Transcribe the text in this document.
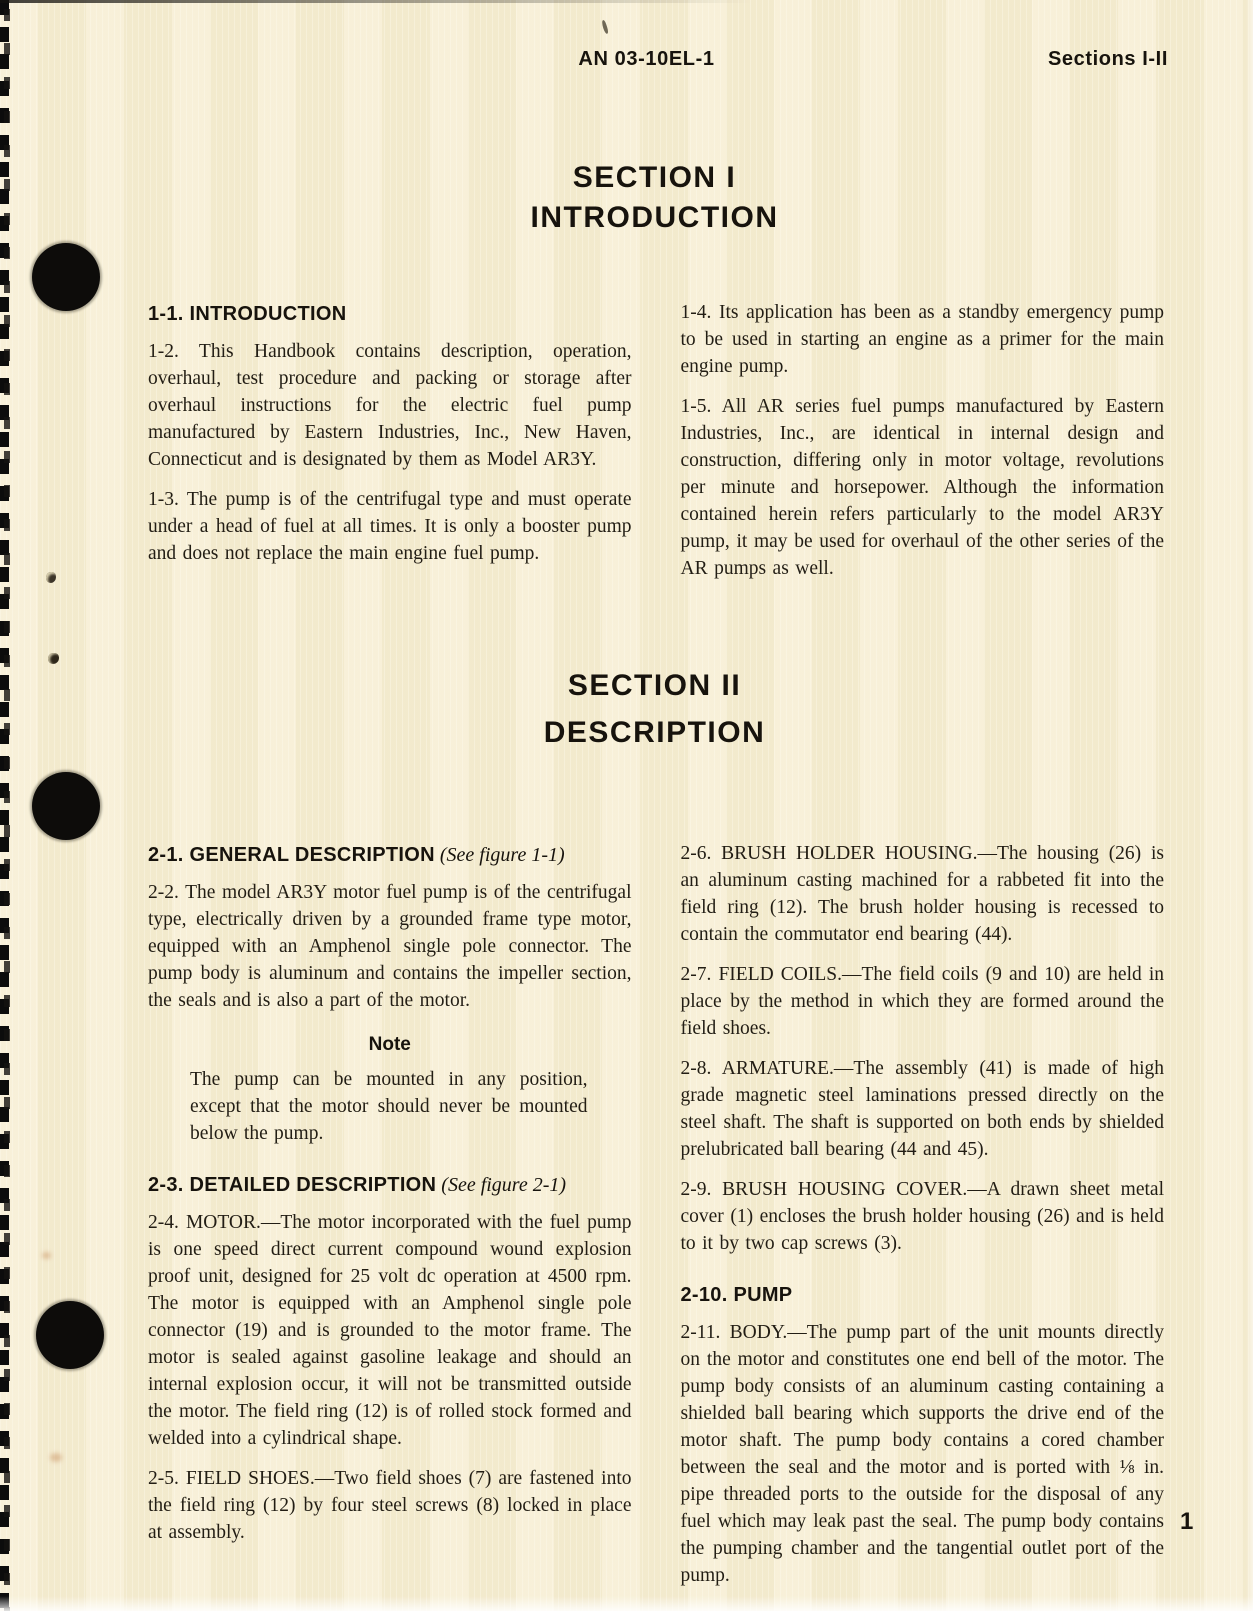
AN 03-10EL-1	Sections I-II
SECTION I
INTRODUCTION
1-1. INTRODUCTION

1-2. This Handbook contains description, operation, overhaul, test procedure and packing or storage after overhaul instructions for the electric fuel pump manufactured by Eastern Industries, Inc., New Haven, Connecticut and is designated by them as Model AR3Y.

1-3. The pump is of the centrifugal type and must operate under a head of fuel at all times. It is only a booster pump and does not replace the main engine fuel pump.

1-4. Its application has been as a standby emergency pump to be used in starting an engine as a primer for the main engine pump.

1-5. All AR series fuel pumps manufactured by Eastern Industries, Inc., are identical in internal design and construction, differing only in motor voltage, revolutions per minute and horsepower. Although the information contained herein refers particularly to the model AR3Y pump, it may be used for overhaul of the other series of the AR pumps as well.

SECTION II
DESCRIPTION
2-1. GENERAL DESCRIPTION (See figure 1-1)

2-2. The model AR3Y motor fuel pump is of the centrifugal type, electrically driven by a grounded frame type motor, equipped with an Amphenol single pole connector. The pump body is aluminum and contains the impeller section, the seals and is also a part of the motor.

Note

The pump can be mounted in any position, except that the motor should never be mounted below the pump.

2-3. DETAILED DESCRIPTION (See figure 2-1)

2-4. MOTOR.—The motor incorporated with the fuel pump is one speed direct current compound wound explosion proof unit, designed for 25 volt dc operation at 4500 rpm. The motor is equipped with an Amphenol single pole connector (19) and is grounded to the motor frame. The motor is sealed against gasoline leakage and should an internal explosion occur, it will not be transmitted outside the motor. The field ring (12) is of rolled stock formed and welded into a cylindrical shape.

2-5. FIELD SHOES.—Two field shoes (7) are fastened into the field ring (12) by four steel screws (8) locked in place at assembly.

2-6. BRUSH HOLDER HOUSING.—The housing (26) is an aluminum casting machined for a rabbeted fit into the field ring (12). The brush holder housing is recessed to contain the commutator end bearing (44).

2-7. FIELD COILS.—The field coils (9 and 10) are held in place by the method in which they are formed around the field shoes.

2-8. ARMATURE.—The assembly (41) is made of high grade magnetic steel laminations pressed directly on the steel shaft. The shaft is supported on both ends by shielded prelubricated ball bearing (44 and 45).

2-9. BRUSH HOUSING COVER.—A drawn sheet metal cover (1) encloses the brush holder housing (26) and is held to it by two cap screws (3).

2-10. PUMP

2-11. BODY.—The pump part of the unit mounts directly on the motor and constitutes one end bell of the motor. The pump body consists of an aluminum casting containing a shielded ball bearing which supports the drive end of the motor shaft. The pump body contains a cored chamber between the seal and the motor and is ported with ⅛ in. pipe threaded ports to the outside for the disposal of any fuel which may leak past the seal. The pump body contains the pumping chamber and the tangential outlet port of the pump.

1
